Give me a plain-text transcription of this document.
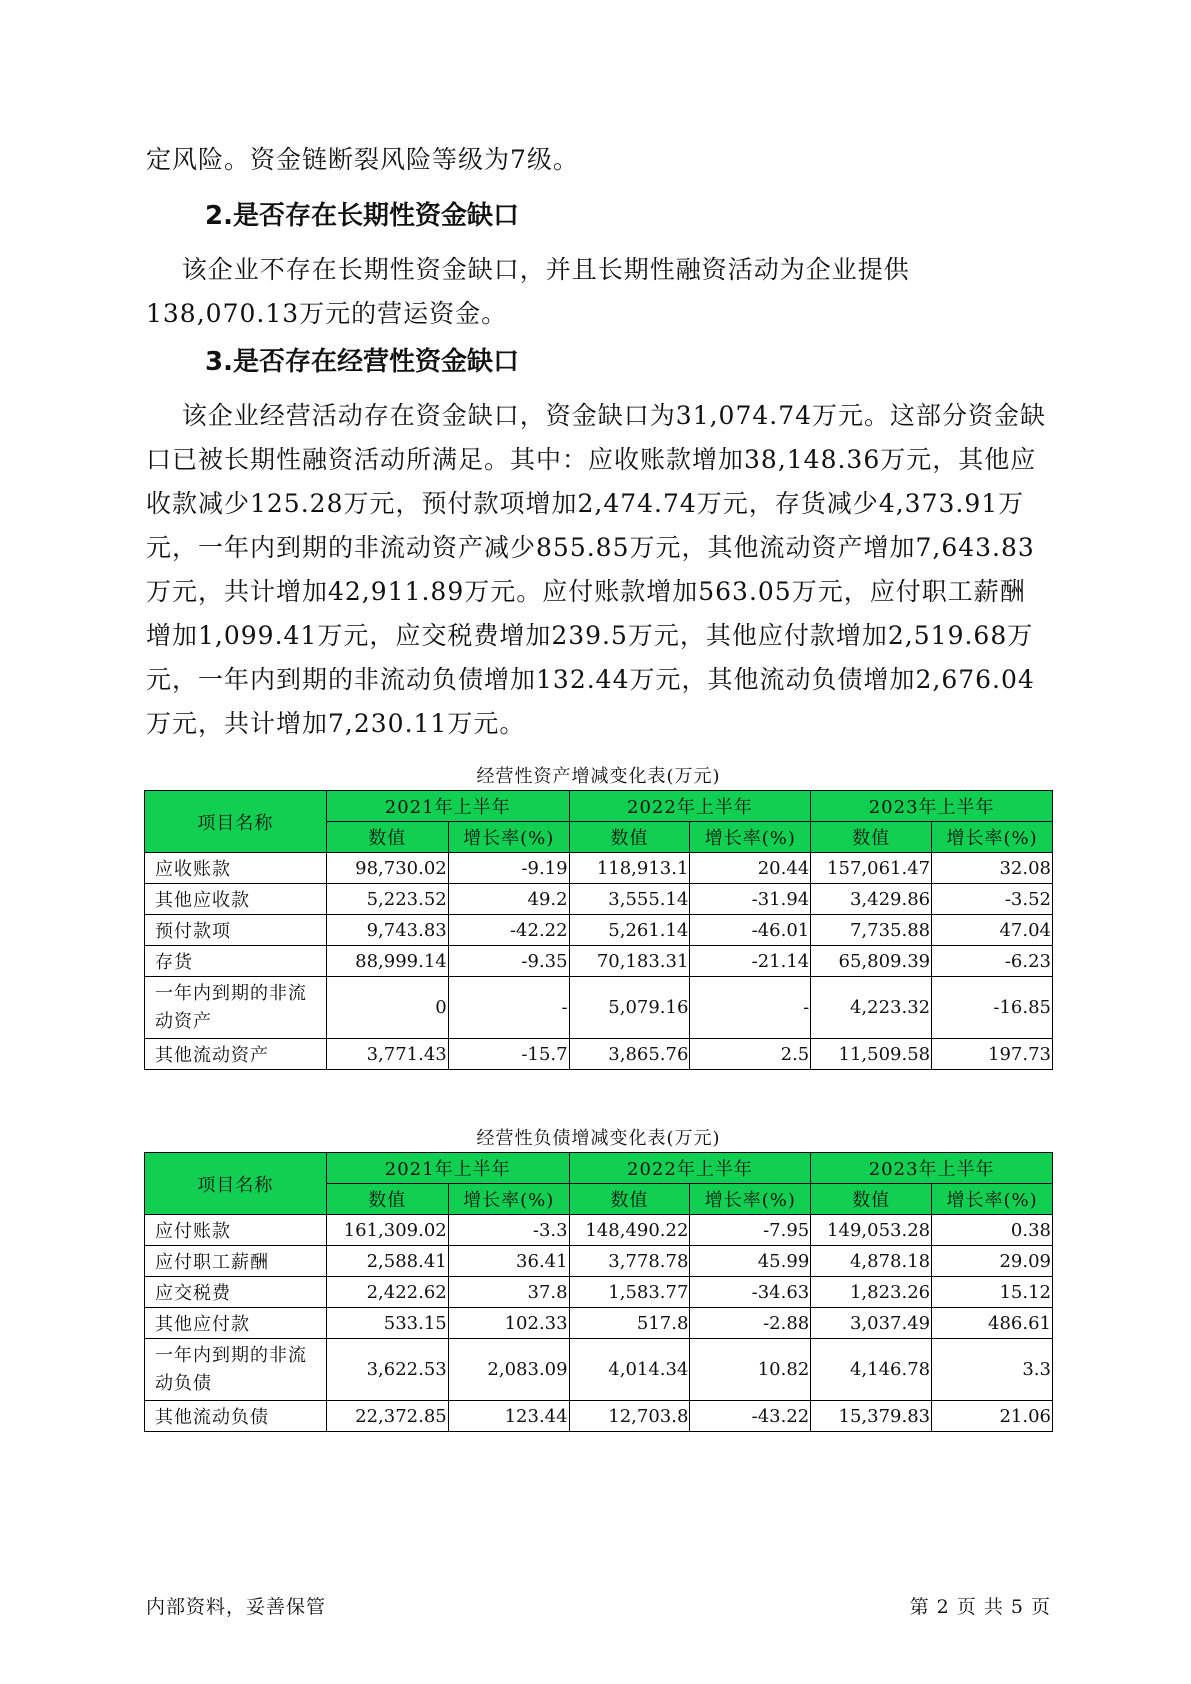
定风险。资金链断裂风险等级为7级。

2.是否存在长期性资金缺口

该企业不存在长期性资金缺口，并且长期性融资活动为企业提供138,070.13万元的营运资金。

3.是否存在经营性资金缺口

该企业经营活动存在资金缺口，资金缺口为31,074.74万元。这部分资金缺口已被长期性融资活动所满足。其中：应收账款增加38,148.36万元，其他应收款减少125.28万元，预付款项增加2,474.74万元，存货减少4,373.91万元，一年内到期的非流动资产减少855.85万元，其他流动资产增加7,643.83万元，共计增加42,911.89万元。应付账款增加563.05万元，应付职工薪酬增加1,099.41万元，应交税费增加239.5万元，其他应付款增加2,519.68万元，一年内到期的非流动负债增加132.44万元，其他流动负债增加2,676.04万元，共计增加7,230.11万元。

经营性资产增减变化表(万元)
项目名称	2021年上半年		2022年上半年		2023年上半年	
	数值	增长率(%)	数值	增长率(%)	数值	增长率(%)
应收账款	98,730.02	-9.19	118,913.1	20.44	157,061.47	32.08
其他应收款	5,223.52	49.2	3,555.14	-31.94	3,429.86	-3.52
预付款项	9,743.83	-42.22	5,261.14	-46.01	7,735.88	47.04
存货	88,999.14	-9.35	70,183.31	-21.14	65,809.39	-6.23
一年内到期的非流动资产	0	-	5,079.16	-	4,223.32	-16.85
其他流动资产	3,771.43	-15.7	3,865.76	2.5	11,509.58	197.73
经营性负债增减变化表(万元)
项目名称	2021年上半年		2022年上半年		2023年上半年	
	数值	增长率(%)	数值	增长率(%)	数值	增长率(%)
应付账款	161,309.02	-3.3	148,490.22	-7.95	149,053.28	0.38
应付职工薪酬	2,588.41	36.41	3,778.78	45.99	4,878.18	29.09
应交税费	2,422.62	37.8	1,583.77	-34.63	1,823.26	15.12
其他应付款	533.15	102.33	517.8	-2.88	3,037.49	486.61
一年内到期的非流动负债	3,622.53	2,083.09	4,014.34	10.82	4,146.78	3.3
其他流动负债	22,372.85	123.44	12,703.8	-43.22	15,379.83	21.06
内部资料，妥善保管	第 2 页 共 5 页
